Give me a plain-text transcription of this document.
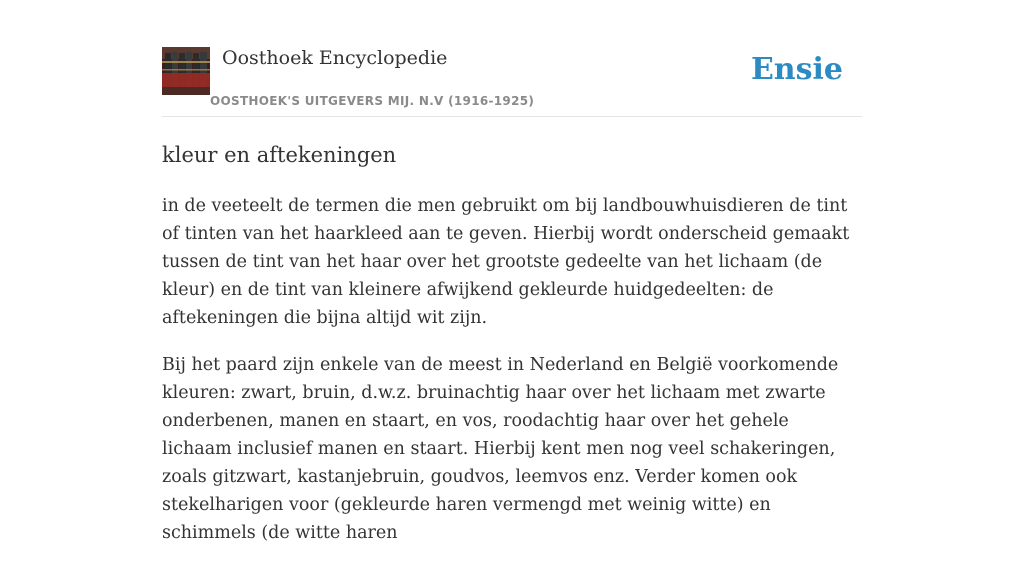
Oosthoek Encyclopedie
OOSTHOEK'S UITGEVERS MIJ. N.V (1916-1925)
Ensie
kleur en aftekeningen

in de veeteelt de termen die men gebruikt om bij landbouwhuisdieren de tint of tinten van het haarkleed aan te geven. Hierbij wordt onderscheid gemaakt tussen de tint van het haar over het grootste gedeelte van het lichaam (de kleur) en de tint van kleinere afwijkend gekleurde huidgedeelten: de aftekeningen die bijna altijd wit zijn.

Bij het paard zijn enkele van de meest in Nederland en België voorkomende kleuren: zwart, bruin, d.w.z. bruinachtig haar over het lichaam met zwarte onderbenen, manen en staart, en vos, roodachtig haar over het gehele lichaam inclusief manen en staart. Hierbij kent men nog veel schakeringen, zoals gitzwart, kastanjebruin, goudvos, leemvos enz. Verder komen ook stekelharigen voor (gekleurde haren vermengd met weinig witte) en schimmels (de witte haren
